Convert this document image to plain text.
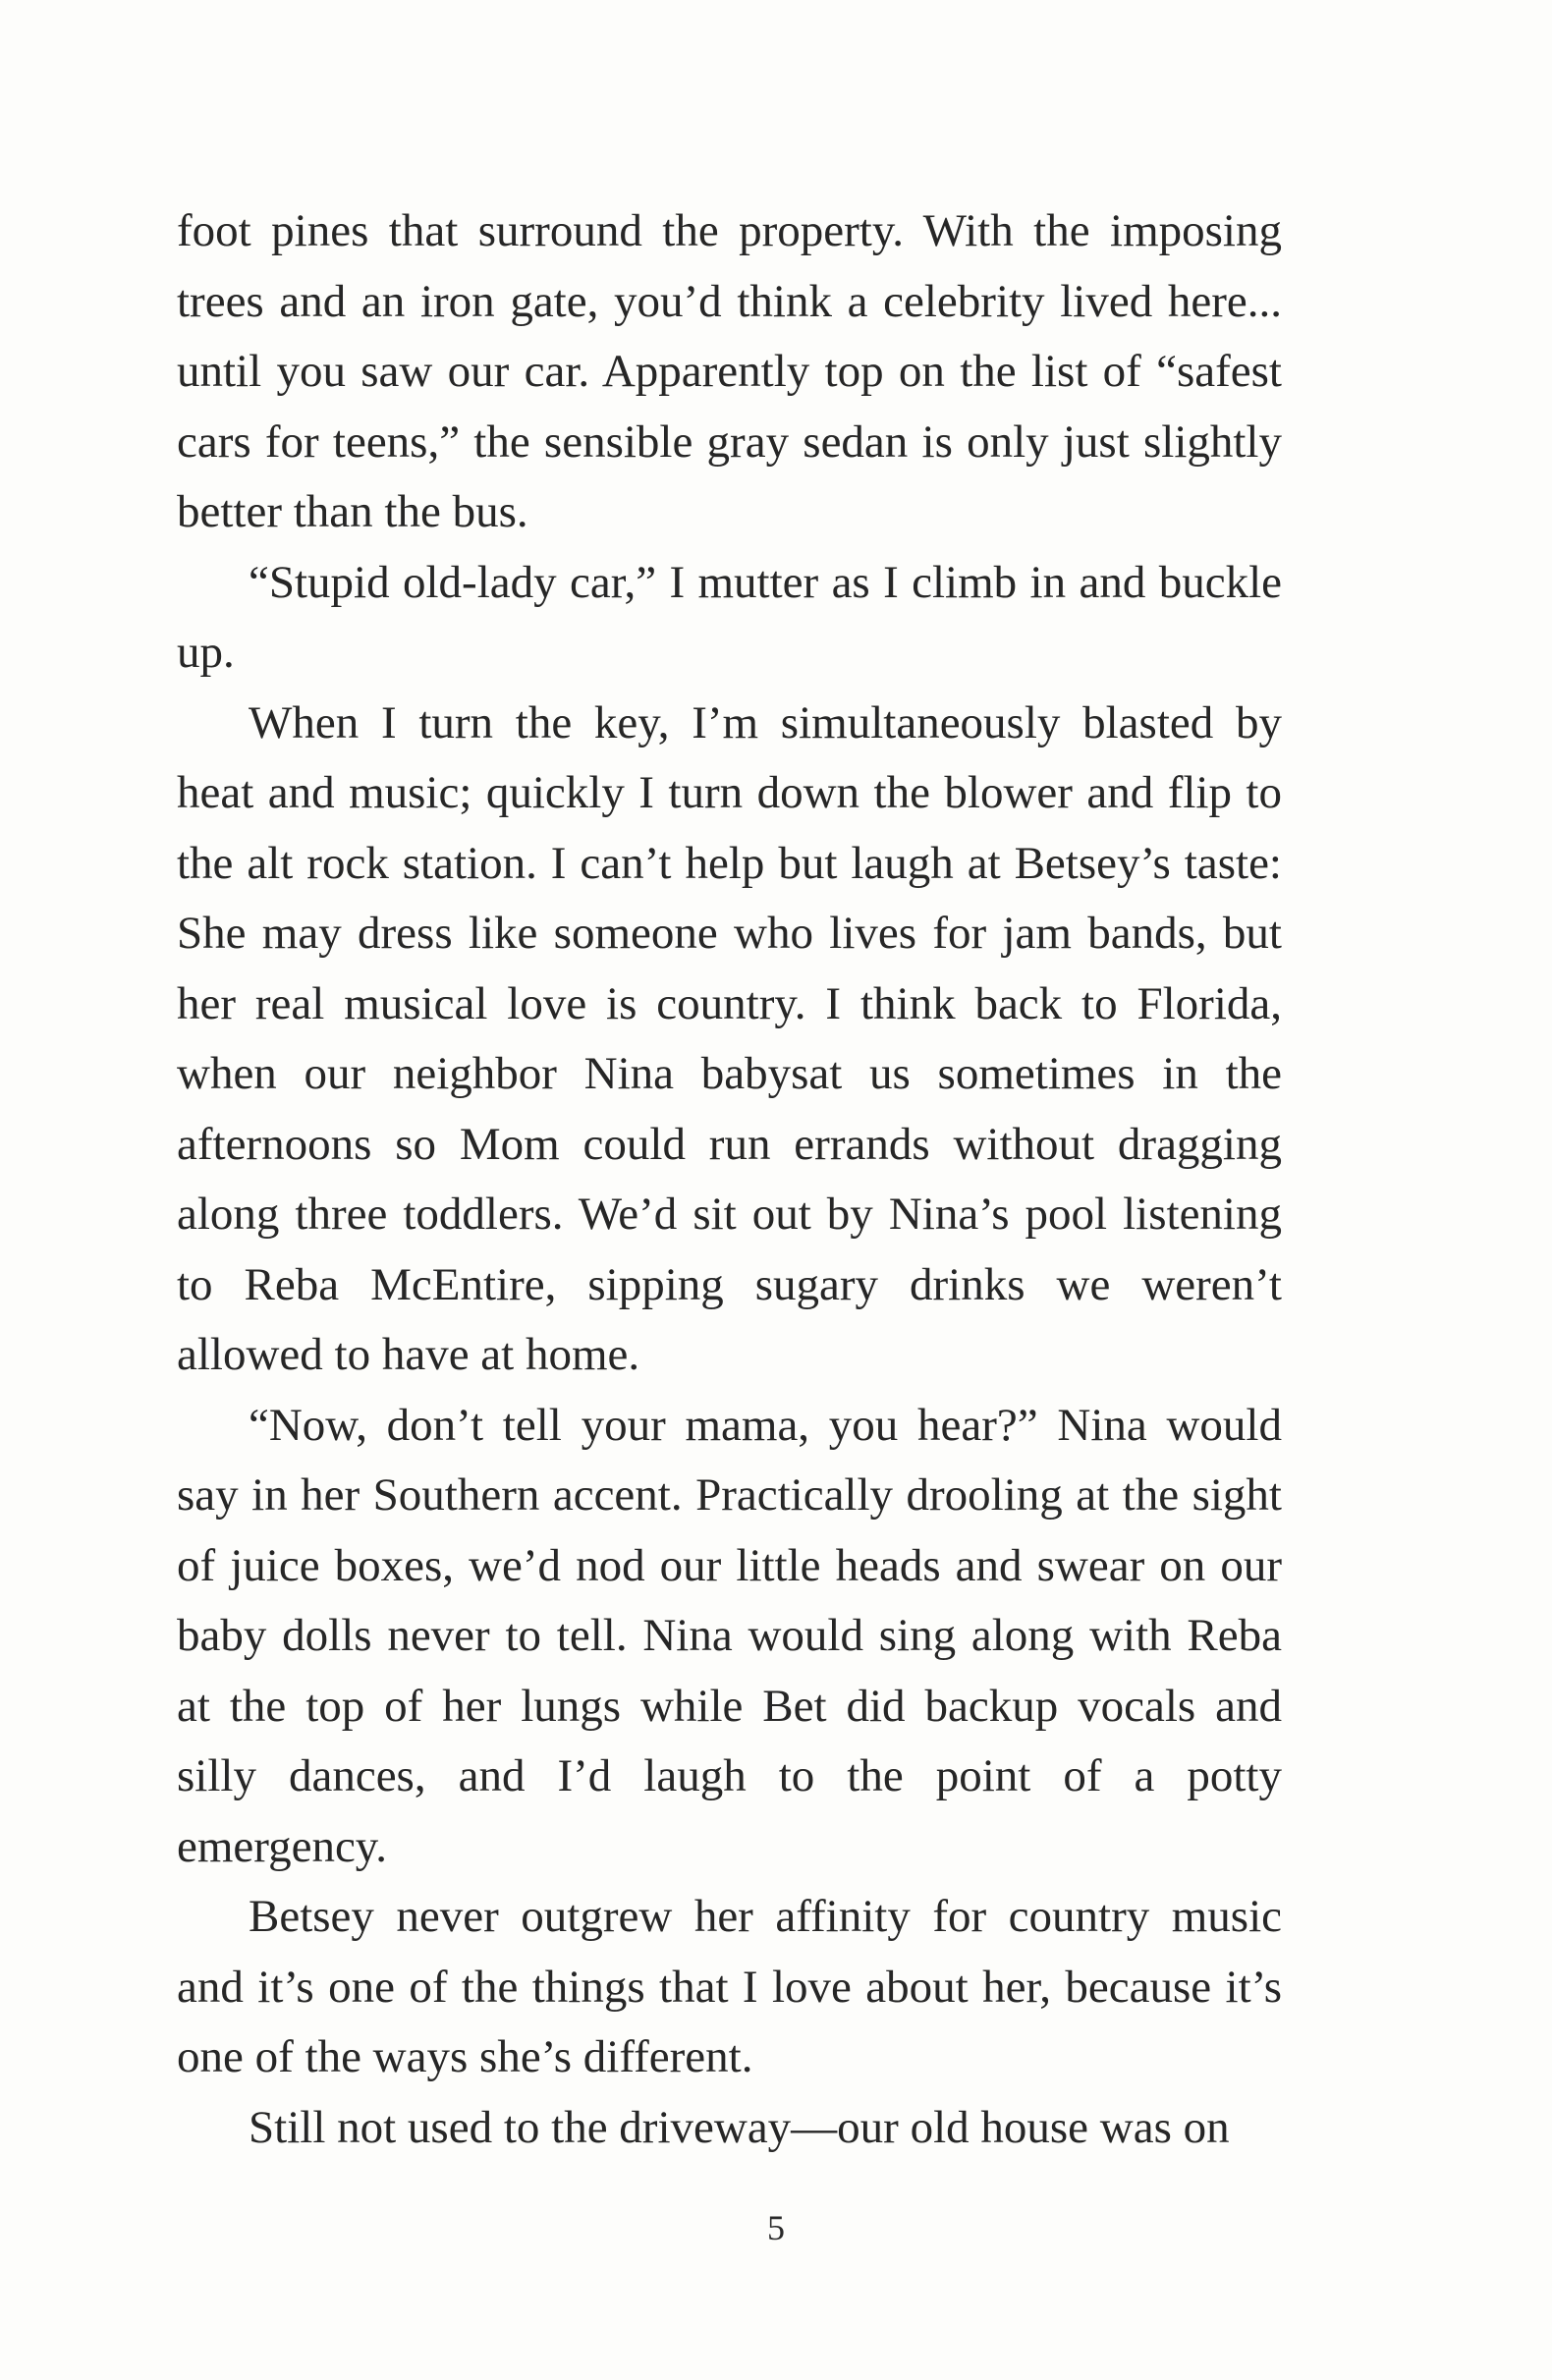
foot pines that surround the property. With the imposing trees and an iron gate, you’d think a celebrity lived here... until you saw our car. Apparently top on the list of “safest cars for teens,” the sensible gray sedan is only just slightly better than the bus.

“Stupid old-lady car,” I mutter as I climb in and buckle up.

When I turn the key, I’m simultaneously blasted by heat and music; quickly I turn down the blower and flip to the alt rock station. I can’t help but laugh at Betsey’s taste: She may dress like someone who lives for jam bands, but her real musical love is country. I think back to Florida, when our neighbor Nina babysat us sometimes in the afternoons so Mom could run errands without dragging along three toddlers. We’d sit out by Nina’s pool listening to Reba McEntire, sipping sugary drinks we weren’t allowed to have at home.

“Now, don’t tell your mama, you hear?” Nina would say in her Southern accent. Practically drooling at the sight of juice boxes, we’d nod our little heads and swear on our baby dolls never to tell. Nina would sing along with Reba at the top of her lungs while Bet did backup vocals and silly dances, and I’d laugh to the point of a potty emergency.

Betsey never outgrew her affinity for country music and it’s one of the things that I love about her, because it’s one of the ways she’s different.

Still not used to the driveway—our old house was on

5
